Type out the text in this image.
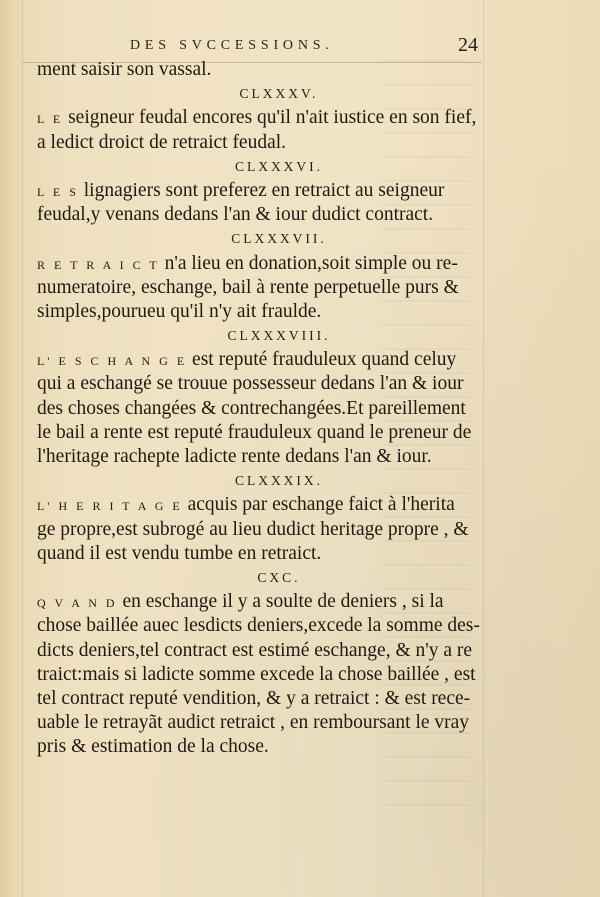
DES SVCCESSIONS.	24
ment saisir son vassal.
CLXXXV.
L E seigneur feudal encores qu'il n'ait iustice en son fief,
a ledict droict de retraict feudal.
CLXXXVI.
L E S lignagiers sont preferez en retraict au seigneur
feudal,y venans dedans l'an & iour dudict contract.
CLXXXVII.
R E T R A I C T n'a lieu en donation,soit simple ou re-
numeratoire, eschange, bail à rente perpetuelle purs &
simples,pourueu qu'il n'y ait fraulde.
CLXXXVIII.
L' E S C H A N G E est reputé frauduleux quand celuy
qui a eschangé se trouue possesseur dedans l'an & iour
des choses changées & contrechangées.Et pareillement
le bail a rente est reputé frauduleux quand le preneur de
l'heritage rachepte ladicte rente dedans l'an & iour.
CLXXXIX.
L' H E R I T A G E acquis par eschange faict à l'herita
ge propre,est subrogé au lieu dudict heritage propre , &
quand il est vendu tumbe en retraict.
CXC.
Q V A N D en eschange il y a soulte de deniers , si la
chose baillée auec lesdicts deniers,excede la somme des-
dicts deniers,tel contract est estimé eschange, & n'y a re
traict:mais si ladicte somme excede la chose baillée , est
tel contract reputé vendition, & y a retraict : & est rece-
uable le retrayãt audict retraict , en remboursant le vray
pris & estimation de la chose.
